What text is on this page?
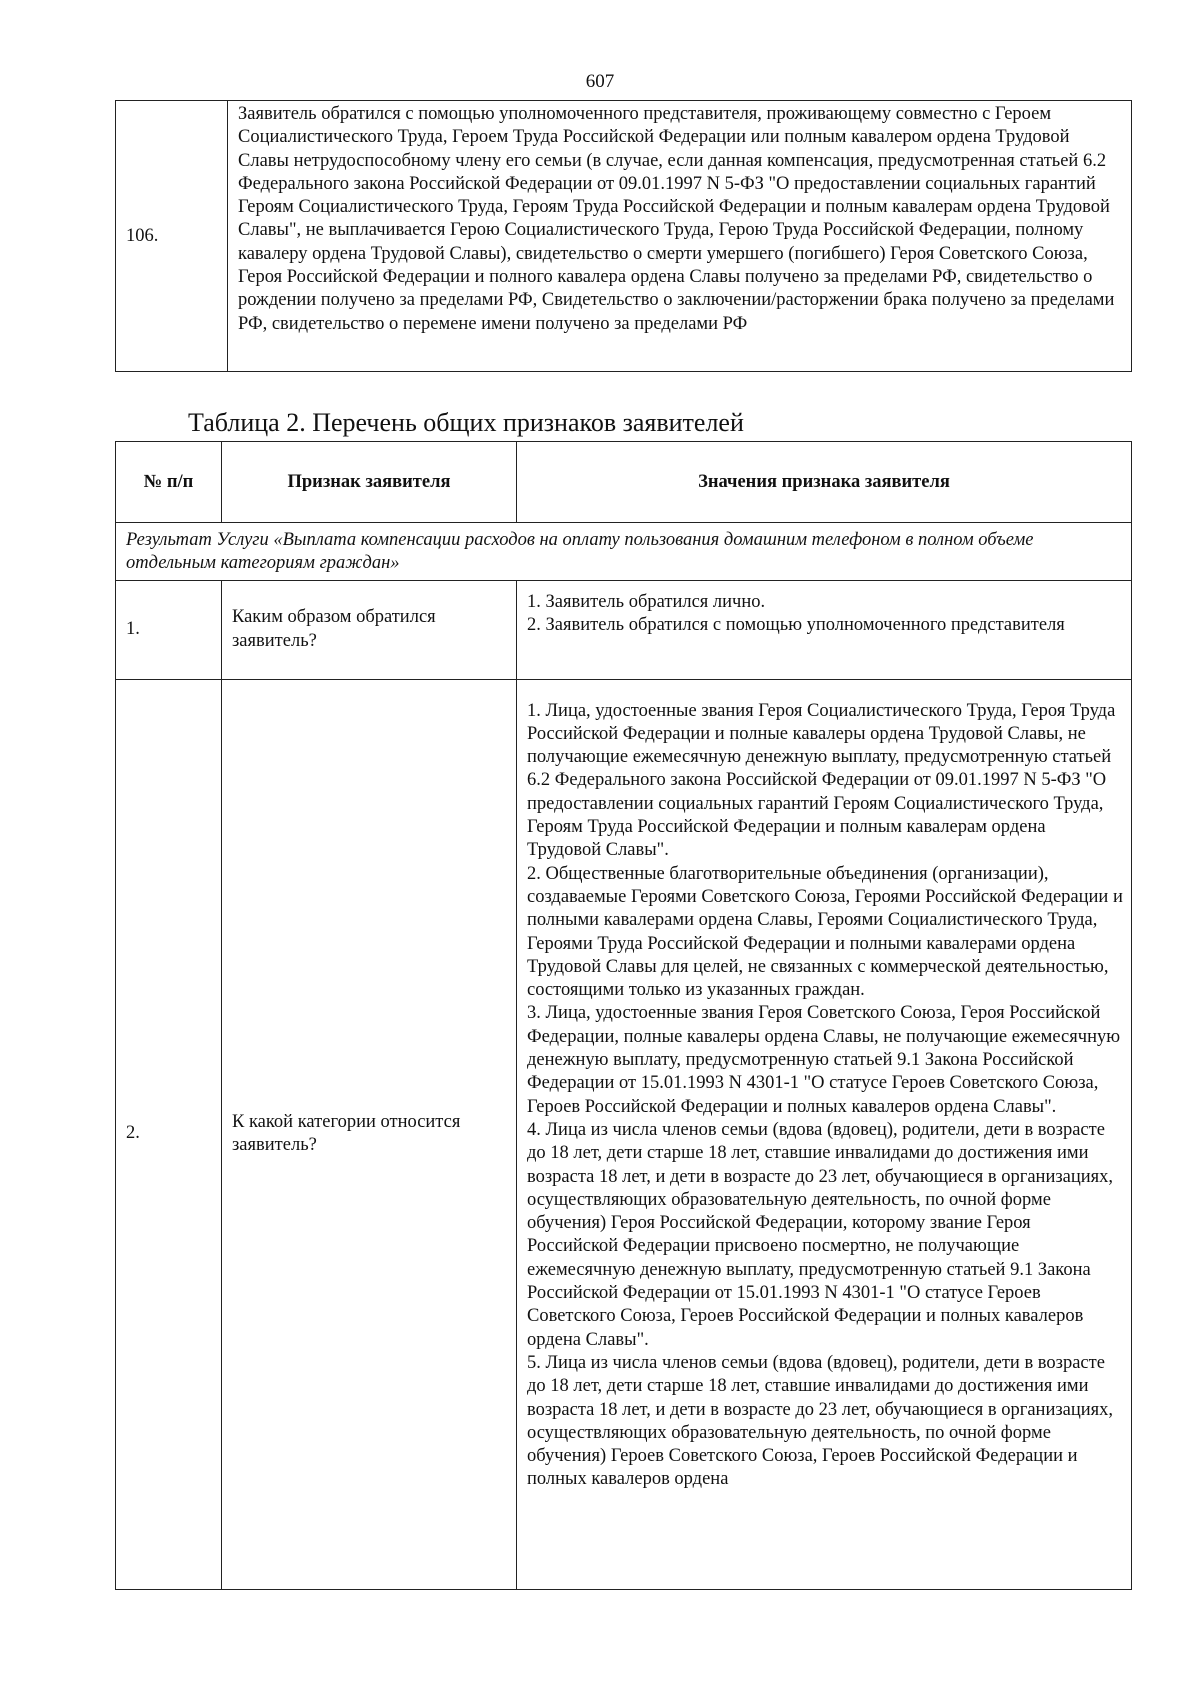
607
106.	Заявитель обратился с помощью уполномоченного представителя, проживающему совместно с Героем Социалистического Труда, Героем Труда Российской Федерации или полным кавалером ордена Трудовой Славы нетрудоспособному члену его семьи (в случае, если данная компенсация, предусмотренная статьей 6.2 Федерального закона Российской Федерации от 09.01.1997 N 5-ФЗ "О предоставлении социальных гарантий Героям Социалистического Труда, Героям Труда Российской Федерации и полным кавалерам ордена Трудовой Славы", не выплачивается Герою Социалистического Труда, Герою Труда Российской Федерации, полному кавалеру ордена Трудовой Славы), свидетельство о смерти умершего (погибшего) Героя Советского Союза, Героя Российской Федерации и полного кавалера ордена Славы получено за пределами РФ, свидетельство о рождении получено за пределами РФ, Свидетельство о заключении/расторжении брака получено за пределами РФ, свидетельство о перемене имени получено за пределами РФ
Таблица 2. Перечень общих признаков заявителей
№ п/п	Признак заявителя	Значения признака заявителя
Результат Услуги «Выплата компенсации расходов на оплату пользования домашним телефоном в полном объеме отдельным категориям граждан»		
1.	Каким образом обратился заявитель?	1. Заявитель обратился лично.
2. Заявитель обратился с помощью уполномоченного представителя

2.	К какой категории относится заявитель?	1. Лица, удостоенные звания Героя Социалистического Труда, Героя Труда Российской Федерации и полные кавалеры ордена Трудовой Славы, не получающие ежемесячную денежную выплату, предусмотренную статьей 6.2 Федерального закона Российской Федерации от 09.01.1997 N 5-ФЗ "О предоставлении социальных гарантий Героям Социалистического Труда, Героям Труда Российской Федерации и полным кавалерам ордена Трудовой Славы".
2. Общественные благотворительные объединения (организации), создаваемые Героями Советского Союза, Героями Российской Федерации и полными кавалерами ордена Славы, Героями Социалистического Труда, Героями Труда Российской Федерации и полными кавалерами ордена Трудовой Славы для целей, не связанных с коммерческой деятельностью, состоящими только из указанных граждан.
3. Лица, удостоенные звания Героя Советского Союза, Героя Российской Федерации, полные кавалеры ордена Славы, не получающие ежемесячную денежную выплату, предусмотренную статьей 9.1 Закона Российской Федерации от 15.01.1993 N 4301-1 "О статусе Героев Советского Союза, Героев Российской Федерации и полных кавалеров ордена Славы".
4. Лица из числа членов семьи (вдова (вдовец), родители, дети в возрасте до 18 лет, дети старше 18 лет, ставшие инвалидами до достижения ими возраста 18 лет, и дети в возрасте до 23 лет, обучающиеся в организациях, осуществляющих образовательную деятельность, по очной форме обучения) Героя Российской Федерации, которому звание Героя Российской Федерации присвоено посмертно, не получающие ежемесячную денежную выплату, предусмотренную статьей 9.1 Закона Российской Федерации от 15.01.1993 N 4301-1 "О статусе Героев Советского Союза, Героев Российской Федерации и полных кавалеров ордена Славы".
5. Лица из числа членов семьи (вдова (вдовец), родители, дети в возрасте до 18 лет, дети старше 18 лет, ставшие инвалидами до достижения ими возраста 18 лет, и дети в возрасте до 23 лет, обучающиеся в организациях, осуществляющих образовательную деятельность, по очной форме обучения) Героев Советского Союза, Героев Российской Федерации и полных кавалеров ордена
